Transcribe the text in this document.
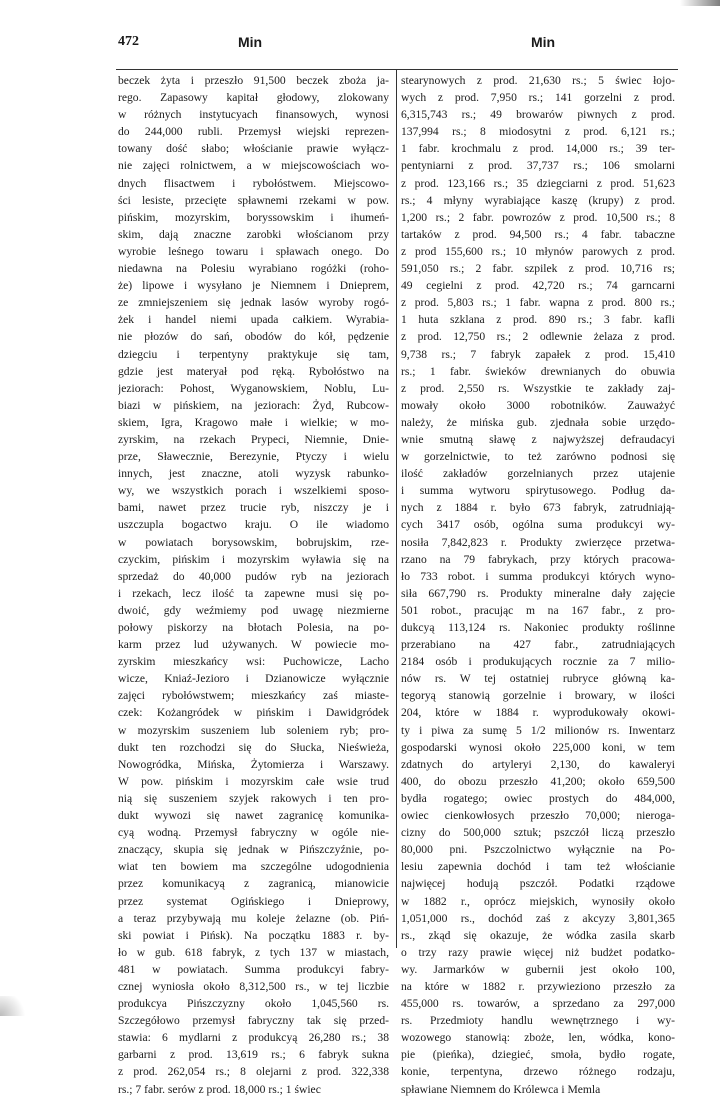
472	Min	Min
beczek żyta i przeszło 91,500 beczek zboża ja-
rego. Zapasowy kapitał głodowy, zlokowany
w różnych instytucyach finansowych, wynosi
do 244,000 rubli. Przemysł wiejski reprezen-
towany dość słabo; włościanie prawie wyłącz-
nie zajęci rolnictwem, a w miejscowościach wo-
dnych flisactwem i rybołóstwem. Miejscowo-
ści lesiste, przecięte spławnemi rzekami w pow.
pińskim, mozyrskim, boryssowskim i ihumeń-
skim, dają znaczne zarobki włościanom przy
wyrobie leśnego towaru i spławach onego. Do
niedawna na Polesiu wyrabiano rogóżki (roho-
że) lipowe i wysyłano je Niemnem i Dnieprem,
ze zmniejszeniem się jednak lasów wyroby rogó-
żek i handel niemi upada całkiem. Wyrabia-
nie płozów do sań, obodów do kół, pędzenie
dziegciu i terpentyny praktykuje się tam,
gdzie jest materyał pod ręką. Rybołóstwo na
jeziorach: Pohost, Wyganowskiem, Noblu, Lu-
biazi w pińskiem, na jeziorach: Żyd, Rubcow-
skiem, Igra, Kragowo małe i wielkie; w mo-
zyrskim, na rzekach Prypeci, Niemnie, Dnie-
prze, Sławecznie, Berezynie, Ptyczy i wielu
innych, jest znaczne, atoli wyzysk rabunko-
wy, we wszystkich porach i wszelkiemi sposo-
bami, nawet przez trucie ryb, niszczy je i
uszczupla bogactwo kraju. O ile wiadomo
w powiatach borysowskim, bobrujskim, rze-
czyckim, pińskim i mozyrskim wyławia się na
sprzedaż do 40,000 pudów ryb na jeziorach
i rzekach, lecz ilość ta zapewne musi się po-
dwoić, gdy weźmiemy pod uwagę niezmierne
połowy piskorzy na błotach Polesia, na po-
karm przez lud używanych. W powiecie mo-
zyrskim mieszkańcy wsi: Puchowicze, Lacho
wicze, Kniaź-Jezioro i Dzianowicze wyłącznie
zajęci rybołówstwem; mieszkańcy zaś miaste-
czek: Kożangródek w pińskim i Dawidgródek
w mozyrskim suszeniem lub soleniem ryb; pro-
dukt ten rozchodzi się do Słucka, Nieświeża,
Nowogródka, Mińska, Żytomierza i Warszawy.
W pow. pińskim i mozyrskim całe wsie trud
nią się suszeniem szyjek rakowych i ten pro-
dukt wywozi się nawet zagranicę komunika-
cyą wodną. Przemysł fabryczny w ogóle nie-
znaczący, skupia się jednak w Pińszczyźnie, po-
wiat ten bowiem ma szczególne udogodnienia
przez komunikacyą z zagranicą, mianowicie
przez systemat Ogińskiego i Dnieprowy,
a teraz przybywają mu koleje żelazne (ob. Piń-
ski powiat i Pińsk). Na początku 1883 r. by-
ło w gub. 618 fabryk, z tych 137 w miastach,
481 w powiatach. Summa produkcyi fabry-
cznej wyniosła około 8,312,500 rs., w tej liczbie
produkcya Pińszczyzny około 1,045,560 rs.
Szczegółowo przemysł fabryczny tak się przed-
stawia: 6 mydlarni z produkcyą 26,280 rs.; 38
garbarni z prod. 13,619 rs.; 6 fabryk sukna
z prod. 262,054 rs.; 8 olejarni z prod. 322,338
rs.; 7 fabr. serów z prod. 18,000 rs.; 1 świec
stearynowych z prod. 21,630 rs.; 5 świec łojo-
wych z prod. 7,950 rs.; 141 gorzelni z prod.
6,315,743 rs.; 49 browarów piwnych z prod.
137,994 rs.; 8 miodosytni z prod. 6,121 rs.;
1 fabr. krochmalu z prod. 14,000 rs.; 39 ter-
pentyniarni z prod. 37,737 rs.; 106 smolarni
z prod. 123,166 rs.; 35 dziegciarni z prod. 51,623
rs.; 4 młyny wyrabiające kaszę (krupy) z prod.
1,200 rs.; 2 fabr. powrozów z prod. 10,500 rs.; 8
tartaków z prod. 94,500 rs.; 4 fabr. tabaczne
z prod 155,600 rs.; 10 młynów parowych z prod.
591,050 rs.; 2 fabr. szpilek z prod. 10,716 rs;
49 cegielni z prod. 42,720 rs.; 74 garncarni
z prod. 5,803 rs.; 1 fabr. wapna z prod. 800 rs.;
1 huta szklana z prod. 890 rs.; 3 fabr. kafli
z prod. 12,750 rs.; 2 odlewnie żelaza z prod.
9,738 rs.; 7 fabryk zapałek z prod. 15,410
rs.; 1 fabr. świeków drewnianych do obuwia
z prod. 2,550 rs. Wszystkie te zakłady zaj-
mowały około 3000 robotników. Zauważyć
należy, że mińska gub. zjednała sobie urzędo-
wnie smutną sławę z najwyższej defraudacyi
w gorzelnictwie, to też zarówno podnosi się
ilość zakładów gorzelnianych przez utajenie
i summa wytworu spirytusowego. Podług da-
nych z 1884 r. było 673 fabryk, zatrudniają-
cych 3417 osób, ogólna suma produkcyi wy-
nosiła 7,842,823 r. Produkty zwierzęce przetwa-
rzano na 79 fabrykach, przy których pracowa-
ło 733 robot. i summa produkcyi których wyno-
siła 667,790 rs. Produkty mineralne dały zajęcie
501 robot., pracując m na 167 fabr., z pro-
dukcyą 113,124 rs. Nakoniec produkty roślinne
przerabiano na 427 fabr., zatrudniających
2184 osób i produkujących rocznie za 7 milio-
nów rs. W tej ostatniej rubryce główną ka-
tegoryą stanowią gorzelnie i browary, w ilości
204, które w 1884 r. wyprodukowały okowi-
ty i piwa za sumę 5 1/2 milionów rs. Inwentarz
gospodarski wynosi około 225,000 koni, w tem
zdatnych do artyleryi 2,130, do kawaleryi
400, do obozu przeszło 41,200; około 659,500
bydła rogatego; owiec prostych do 484,000,
owiec cienkowłosych przeszło 70,000; nierogа-
cizny do 500,000 sztuk; pszczół liczą przeszło
80,000 pni. Pszczolnictwo wyłącznie na Po-
lesiu zapewnia dochód i tam też włościanie
najwięcej hodują pszczół. Podatki rządowe
w 1882 r., oprócz miejskich, wynosiły około
1,051,000 rs., dochód zaś z akcyzy 3,801,365
rs., zkąd się okazuje, że wódka zasila skarb
o trzy razy prawie więcej niż budżet podatko-
wy. Jarmarków w gubernii jest około 100,
na które w 1882 r. przywieziono przeszło za
455,000 rs. towarów, a sprzedano za 297,000
rs. Przedmioty handlu wewnętrznego i wy-
wozowego stanowią: zboże, len, wódka, kono-
pie (pieńka), dziegieć, smoła, bydło rogate,
konie, terpentyna, drzewo różnego rodzaju,
spławiane Niemnem do Królewca i Memla
